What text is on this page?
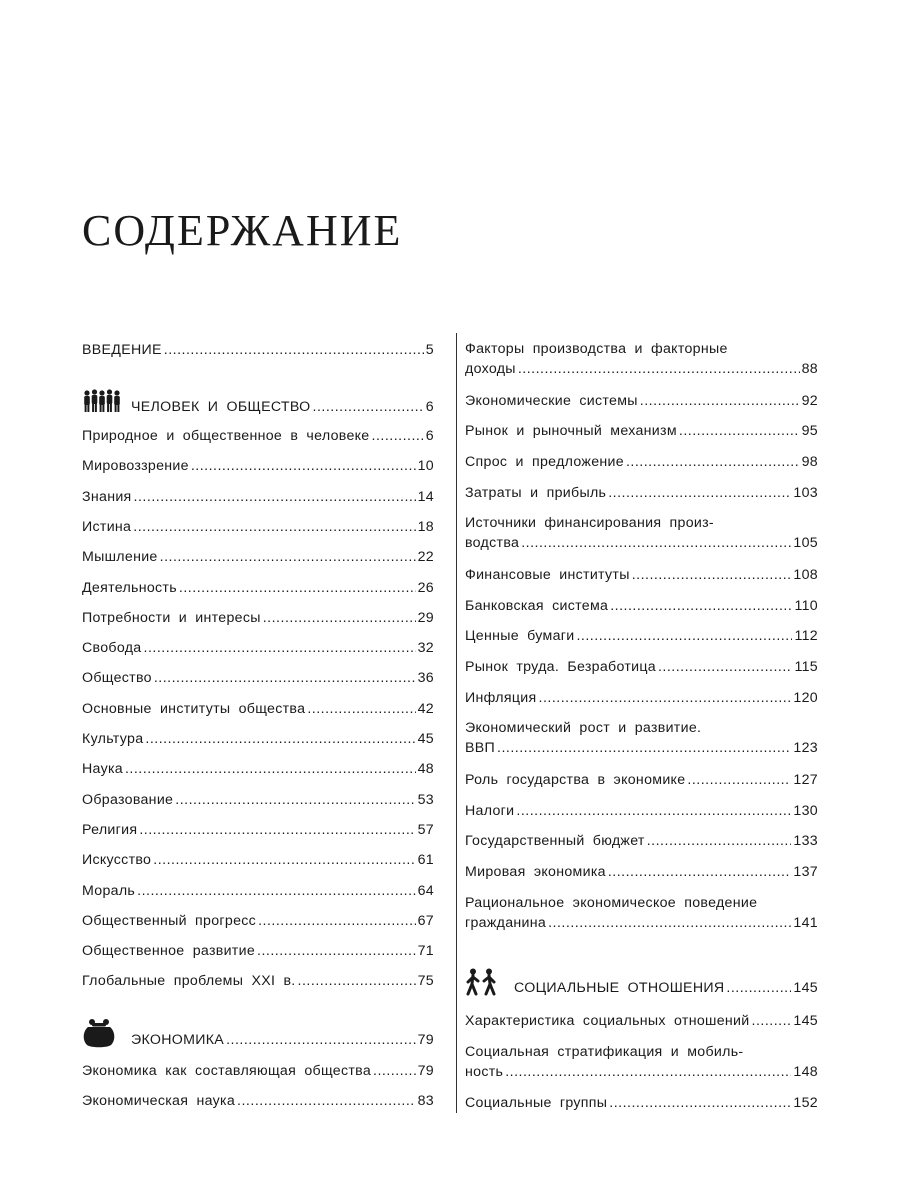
СОДЕРЖАНИЕ
ВВЕДЕНИЕ .....	5
ЧЕЛОВЕК И ОБЩЕСТВО .....	6
Природное и общественное в человеке .....	6
Мировоззрение .....	10
Знания .....	14
Истина .....	18
Мышление .....	22
Деятельность .....	26
Потребности и интересы .....	29
Свобода .....	32
Общество .....	36
Основные институты общества .....	42
Культура .....	45
Наука .....	48
Образование .....	53
Религия .....	57
Искусство .....	61
Мораль .....	64
Общественный прогресс .....	67
Общественное развитие .....	71
Глобальные проблемы XXI в. .....	75
ЭКОНОМИКА .....	79
Экономика как составляющая общества .....	79
Экономическая наука .....	83
Факторы производства и факторные
доходы .....	88
Экономические системы .....	92
Рынок и рыночный механизм .....	95
Спрос и предложение .....	98
Затраты и прибыль .....	103
Источники финансирования произ-
водства .....	105
Финансовые институты .....	108
Банковская система .....	110
Ценные бумаги .....	112
Рынок труда. Безработица .....	115
Инфляция .....	120
Экономический рост и развитие.
ВВП .....	123
Роль государства в экономике .....	127
Налоги .....	130
Государственный бюджет .....	133
Мировая экономика .....	137
Рациональное экономическое поведение
гражданина .....	141
СОЦИАЛЬНЫЕ ОТНОШЕНИЯ .....	145
Характеристика социальных отношений .....	145
Социальная стратификация и мобиль-
ность .....	148
Социальные группы .....	152
